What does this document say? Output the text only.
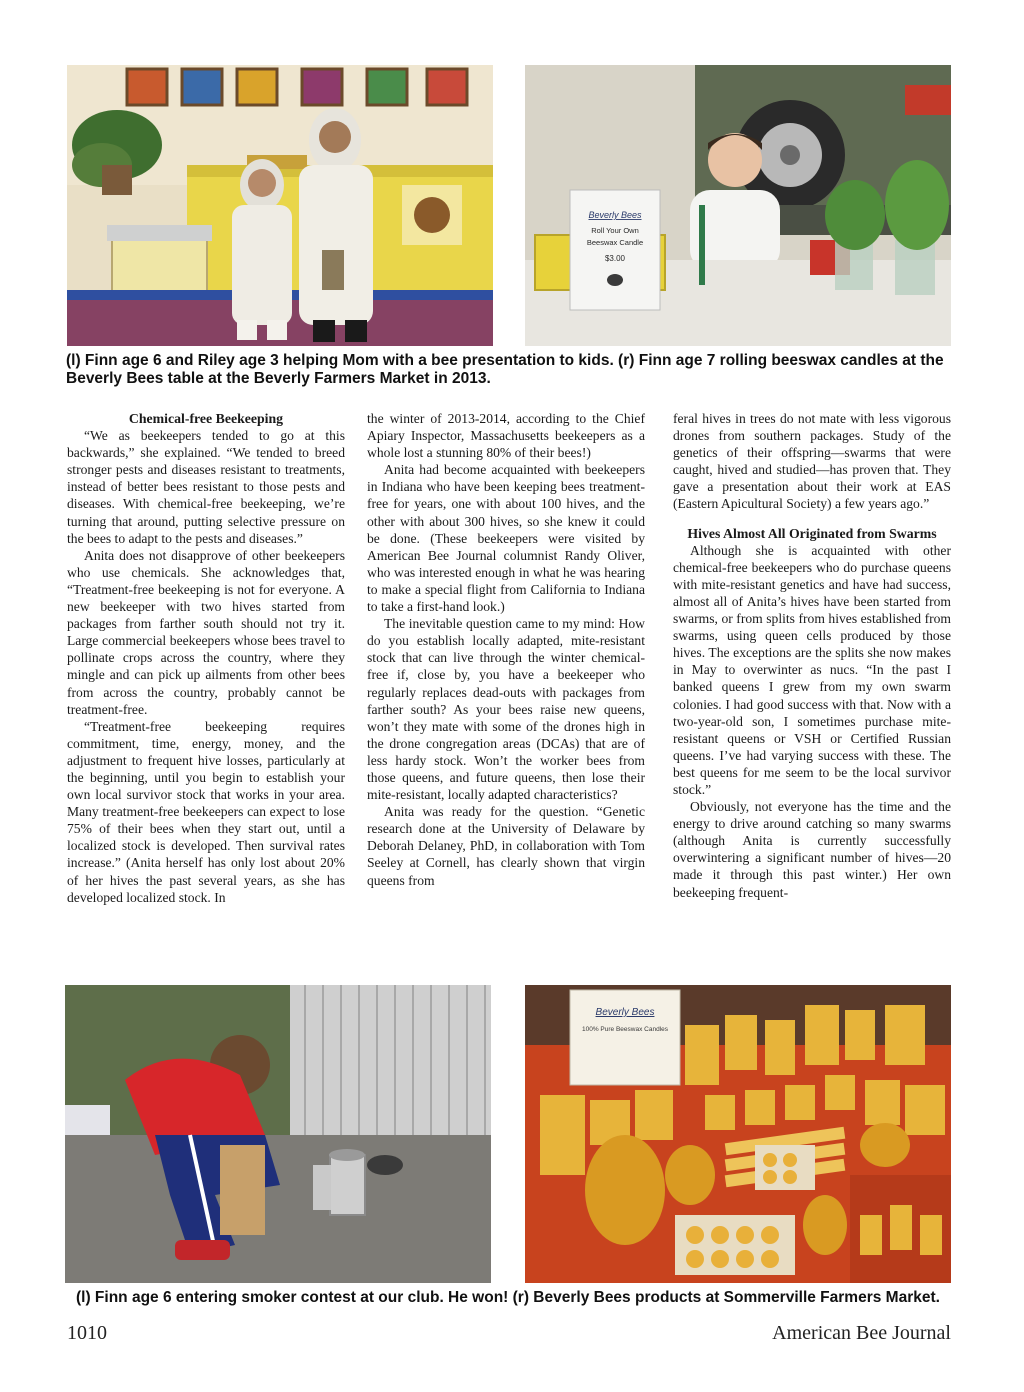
Beverly Bees
Roll Your Own
Beeswax Candle
$3.00
(l) Finn age 6 and Riley age 3 helping Mom with a bee presentation to kids. (r) Finn age 7 rolling beeswax candles at the Beverly Bees table at the Beverly Farmers Market in 2013.
Chemical-free Beekeeping

“We as beekeepers tended to go at this backwards,” she explained. “We tended to breed stronger pests and diseases resistant to treatments, instead of better bees resistant to those pests and diseases. With chemical-free beekeeping, we’re turning that around, putting selective pressure on the bees to adapt to the pests and diseases.”

Anita does not disapprove of other beekeepers who use chemicals. She acknowledges that, “Treatment-free beekeeping is not for everyone. A new beekeeper with two hives started from packages from farther south should not try it. Large commercial beekeepers whose bees travel to pollinate crops across the country, where they mingle and can pick up ailments from other bees from across the country, probably cannot be treatment-free.

“Treatment-free beekeeping requires commitment, time, energy, money, and the adjustment to frequent hive losses, particularly at the beginning, until you begin to establish your own local survivor stock that works in your area. Many treatment-free beekeepers can expect to lose 75% of their bees when they start out, until a localized stock is developed. Then survival rates increase.” (Anita herself has only lost about 20% of her hives the past several years, as she has developed localized stock. In

the winter of 2013-2014, according to the Chief Apiary Inspector, Massachusetts beekeepers as a whole lost a stunning 80% of their bees!)

Anita had become acquainted with beekeepers in Indiana who have been keeping bees treatment-free for years, one with about 100 hives, and the other with about 300 hives, so she knew it could be done. (These beekeepers were visited by American Bee Journal columnist Randy Oliver, who was interested enough in what he was hearing to make a special flight from California to Indiana to take a first-hand look.)

The inevitable question came to my mind: How do you establish locally adapted, mite-resistant stock that can live through the winter chemical-free if, close by, you have a beekeeper who regularly replaces dead-outs with packages from farther south? As your bees raise new queens, won’t they mate with some of the drones high in the drone congregation areas (DCAs) that are of less hardy stock. Won’t the worker bees from those queens, and future queens, then lose their mite-resistant, locally adapted characteristics?

Anita was ready for the question. “Genetic research done at the University of Delaware by Deborah Delaney, PhD, in collaboration with Tom Seeley at Cornell, has clearly shown that virgin queens from

feral hives in trees do not mate with less vigorous drones from southern packages. Study of the genetics of their offspring—swarms that were caught, hived and studied—has proven that. They gave a presentation about their work at EAS (Eastern Apicultural Society) a few years ago.”

Hives Almost All Originated from Swarms

Although she is acquainted with other chemical-free beekeepers who do purchase queens with mite-resistant genetics and have had success, almost all of Anita’s hives have been started from swarms, or from splits from hives established from swarms, using queen cells produced by those hives. The exceptions are the splits she now makes in May to overwinter as nucs. “In the past I banked queens I grew from my own swarm colonies. I had good success with that. Now with a two-year-old son, I sometimes purchase mite-resistant queens or VSH or Certified Russian queens. I’ve had varying success with these. The best queens for me seem to be the local survivor stock.”

Obviously, not everyone has the time and the energy to drive around catching so many swarms (although Anita is currently successfully overwintering a significant number of hives—20 made it through this past winter.) Her own beekeeping frequent-

Beverly Bees
100% Pure Beeswax Candles
(l) Finn age 6 entering smoker contest at our club. He won! (r) Beverly Bees products at Sommerville Farmers Market.
1010	American Bee Journal
